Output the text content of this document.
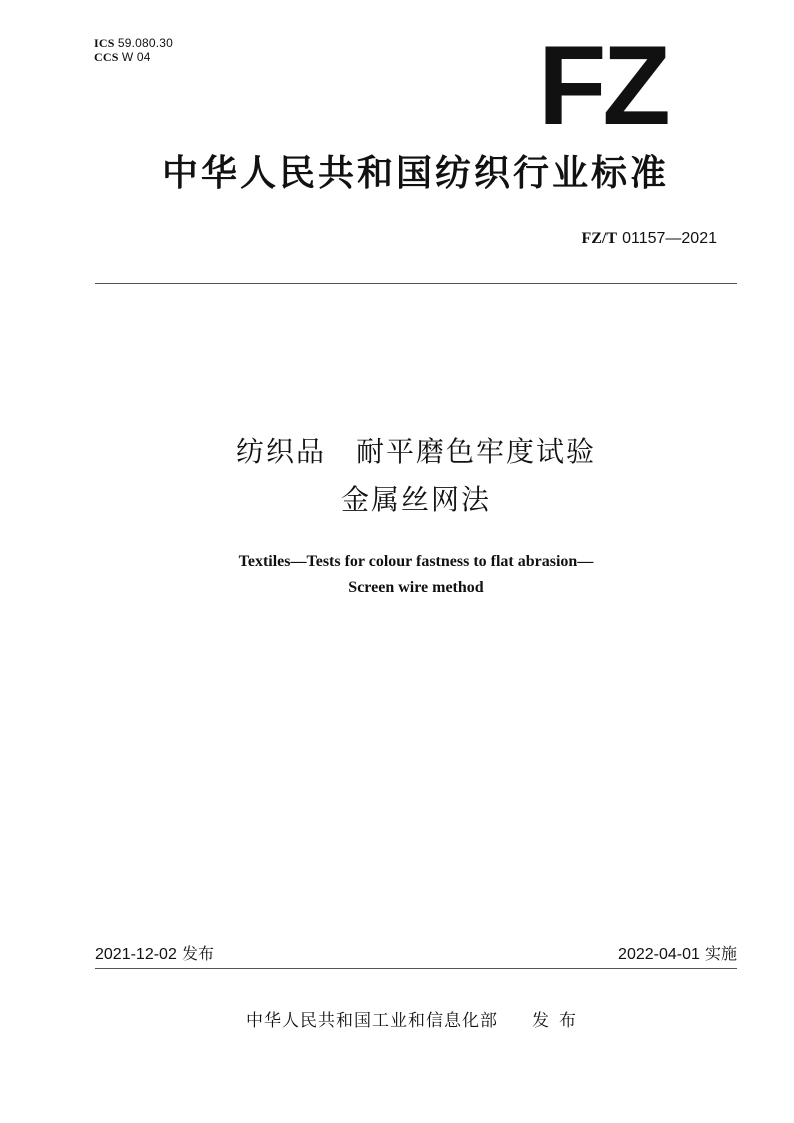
ICS 59.080.30
CCS W 04	FZ
中华人民共和国纺织行业标准
FZ/T 01157—2021
纺织品　耐平磨色牢度试验
金属丝网法
Textiles—Tests for colour fastness to flat abrasion—
Screen wire method
2021-12-02 发布	2022-04-01 实施
中华人民共和国工业和信息化部 发布
